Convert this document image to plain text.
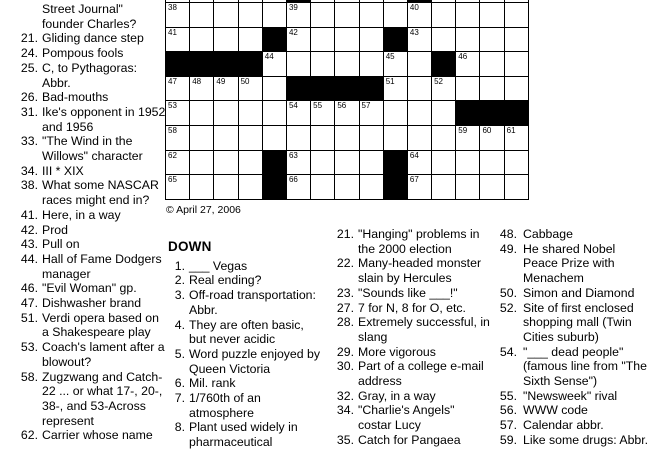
38					39					40				

41					42					43				

				44					45			46		

47	48	49	50						51		52			

53					54	55	56	57						

58												59	60	61

62					63					64				

65					66					67				

© April 27, 2006
Street Journal" founder Charles?
21. Gliding dance step
24. Pompous fools
25. C, to Pythagoras: Abbr.
26. Bad-mouths
31. Ike's opponent in 1952 and 1956
33. "The Wind in the Willows" character
34. III * XIX
38. What some NASCAR races might end in?
41. Here, in a way
42. Prod
43. Pull on
44. Hall of Fame Dodgers manager
46. "Evil Woman" gp.
47. Dishwasher brand
51. Verdi opera based on a Shakespeare play
53. Coach's lament after a blowout?
58. Zugzwang and Catch-22 ... or what 17-, 20-, 38-, and 53-Across represent
62. Carrier whose name
DOWN
1. ___ Vegas
2. Real ending?
3. Off-road transportation: Abbr.
4. They are often basic, but never acidic
5. Word puzzle enjoyed by Queen Victoria
6. Mil. rank
7. 1/760th of an atmosphere
8. Plant used widely in pharmaceutical
21. "Hanging" problems in the 2000 election
22. Many-headed monster slain by Hercules
23. "Sounds like ___!"
27. 7 for N, 8 for O, etc.
28. Extremely successful, in slang
29. More vigorous
30. Part of a college e-mail address
32. Gray, in a way
34. "Charlie's Angels" costar Lucy
35. Catch for Pangaea
48. Cabbage
49. He shared Nobel Peace Prize with Menachem
50. Simon and Diamond
52. Site of first enclosed shopping mall (Twin Cities suburb)
54. "___ dead people" (famous line from "The Sixth Sense")
55. "Newsweek" rival
56. WWW code
57. Calendar abbr.
59. Like some drugs: Abbr.
